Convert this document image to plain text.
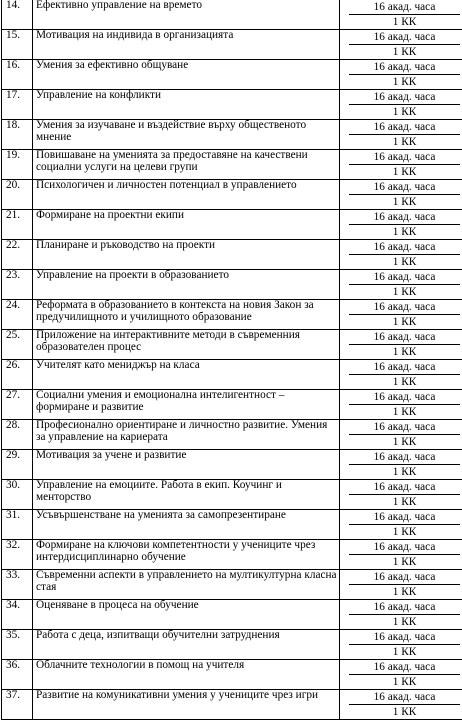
14.	Ефективно управление на времето	16 акад. часа
1 КК

15.	Мотивация на индивида в организацията	16 акад. часа
1 КК

16.	Умения за ефективно общуване	16 акад. часа
1 КК

17.	Управление на конфликти	16 акад. часа
1 КК

18.	Умения за изучаване и въздействие върху общественото мнение	16 акад. часа
1 КК

19.	Повишаване на уменията за предоставяне на качествени социални услуги на целеви групи	16 акад. часа
1 КК

20.	Психологичен и личностен потенциал в управлението	16 акад. часа
1 КК

21.	Формиране на проектни екипи	16 акад. часа
1 КК

22.	Планиране и ръководство на проекти	16 акад. часа
1 КК

23.	Управление на проекти в образованието	16 акад. часа
1 КК

24.	Реформата в образованието в контекста на новия Закон за предучилищното и училищното образование	16 акад. часа
1 КК

25.	Приложение на интерактивните методи в съвременния образователен процес	16 акад. часа
1 КК

26.	Учителят като мениджър на класа	16 акад. часа
1 КК

27.	Социални умения и емоционална интелигентност – формиране и развитие	16 акад. часа
1 КК

28.	Професионално ориентиране и личностно развитие. Умения за управление на кариерата	16 акад. часа
1 КК

29.	Мотивация за учене и развитие	16 акад. часа
1 КК

30.	Управление на емоциите. Работа в екип. Коучинг и менторство	16 акад. часа
1 КК

31.	Усъвършенстване на уменията за самопрезентиране	16 акад. часа
1 КК

32.	Формиране на ключови компетентности у учениците чрез интердисциплинарно обучение	16 акад. часа
1 КК

33.	Съвременни аспекти в управлението на мултикултурна класна стая	16 акад. часа
1 КК

34.	Оценяване в процеса на обучение	16 акад. часа
1 КК

35.	Работа с деца, изпитващи обучителни затруднения	16 акад. часа
1 КК

36.	Облачните технологии в помощ на учителя	16 акад. часа
1 КК

37.	Развитие на комуникативни умения у учениците чрез игри	16 акад. часа
1 КК
